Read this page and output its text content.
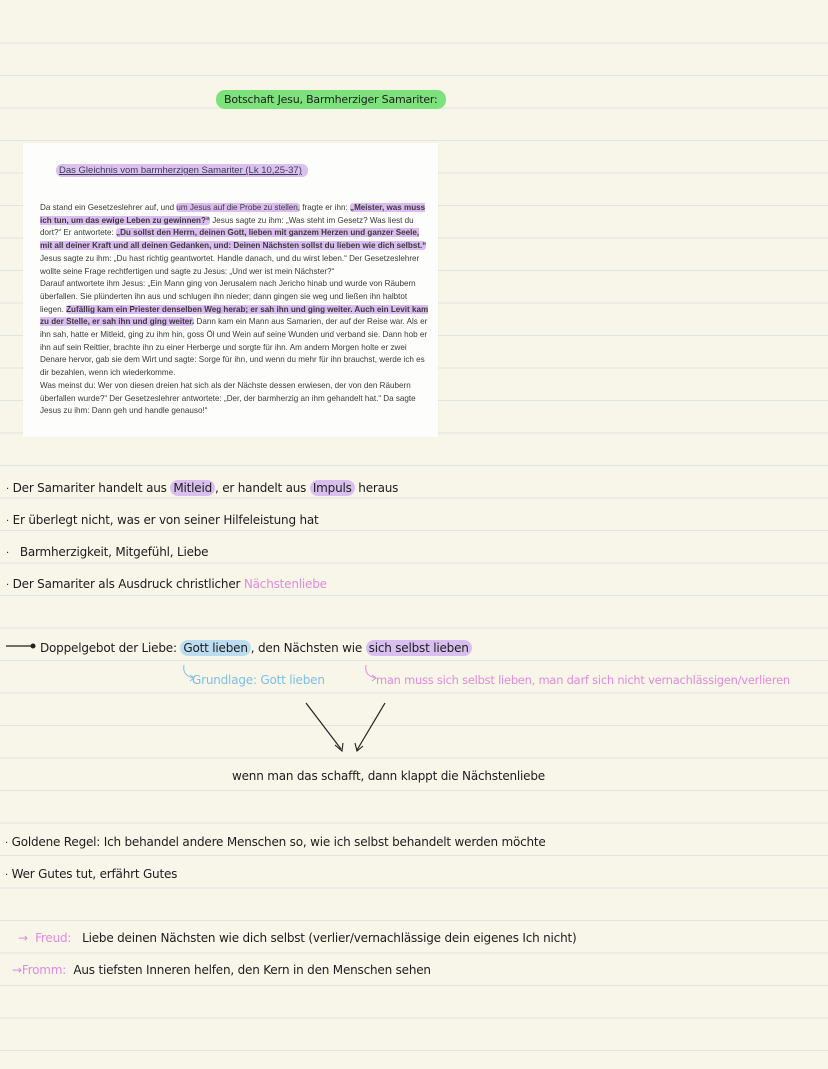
Botschaft Jesu, Barmherziger Samariter:
Das Gleichnis vom barmherzigen Samariter (Lk 10,25-37)
Da stand ein Gesetzeslehrer auf, und um Jesus auf die Probe zu stellen, fragte er ihn: „Meister, was muss ich tun, um das ewige Leben zu gewinnen?“ Jesus sagte zu ihm: „Was steht im Gesetz? Was liest du dort?“ Er antwortete: „Du sollst den Herrn, deinen Gott, lieben mit ganzem Herzen und ganzer Seele, mit all deiner Kraft und all deinen Gedanken, und: Deinen Nächsten sollst du lieben wie dich selbst.“ Jesus sagte zu ihm: „Du hast richtig geantwortet. Handle danach, und du wirst leben.“ Der Gesetzeslehrer wollte seine Frage rechtfertigen und sagte zu Jesus: „Und wer ist mein Nächster?“
Darauf antwortete ihm Jesus: „Ein Mann ging von Jerusalem nach Jericho hinab und wurde von Räubern überfallen. Sie plünderten ihn aus und schlugen ihn nieder; dann gingen sie weg und ließen ihn halbtot liegen. Zufällig kam ein Priester denselben Weg herab; er sah ihn und ging weiter. Auch ein Levit kam zu der Stelle, er sah ihn und ging weiter. Dann kam ein Mann aus Samarien, der auf der Reise war. Als er ihn sah, hatte er Mitleid, ging zu ihm hin, goss Öl und Wein auf seine Wunden und verband sie. Dann hob er ihn auf sein Reittier, brachte ihn zu einer Herberge und sorgte für ihn. Am andern Morgen holte er zwei Denare hervor, gab sie dem Wirt und sagte: Sorge für ihn, und wenn du mehr für ihn brauchst, werde ich es dir bezahlen, wenn ich wiederkomme.
Was meinst du: Wer von diesen dreien hat sich als der Nächste dessen erwiesen, der von den Räubern überfallen wurde?“ Der Gesetzeslehrer antwortete: „Der, der barmherzig an ihm gehandelt hat.“ Da sagte Jesus zu ihm: Dann geh und handle genauso!“
· Der Samariter handelt aus Mitleid , er handelt aus Impuls heraus
· Er überlegt nicht, was er von seiner Hilfeleistung hat
· Barmherzigkeit, Mitgefühl, Liebe
· Der Samariter als Ausdruck christlicher Nächstenliebe
Doppelgebot der Liebe: Gott lieben , den Nächsten wie sich selbst lieben
Grundlage: Gott lieben	man muss sich selbst lieben, man darf sich nicht vernachlässigen/verlieren
wenn man das schafft, dann klappt die Nächstenliebe
· Goldene Regel: Ich behandel andere Menschen so, wie ich selbst behandelt werden möchte
· Wer Gutes tut, erfährt Gutes
→ Freud: Liebe deinen Nächsten wie dich selbst (verlier/vernachlässige dein eigenes Ich nicht)
→Fromm: Aus tiefsten Inneren helfen, den Kern in den Menschen sehen
